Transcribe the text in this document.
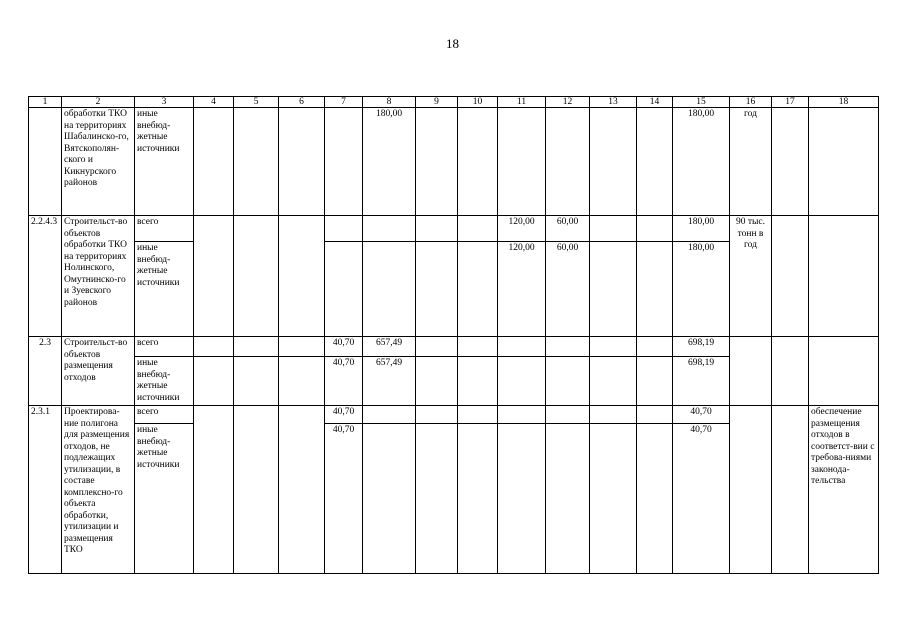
18
1	2	3	4	5	6	7	8	9	10	11	12	13	14	15	16	17	18
	обработки ТКО на территориях Шабалинско-го, Вятскополян-ского и Кикнурского районов	иные внебюд-жетные источники					180,00							180,00	год		
2.2.4.3	Строительст-во объектов обработки ТКО на территориях Нолинского, Омутнинско-го и Зуевского районов	всего								120,00	60,00			180,00	90 тыс. тонн в год		
		иные внебюд-жетные источники								120,00	60,00			180,00			
2.3	Строительст-во объектов размещения отходов	всего				40,70	657,49							698,19			
		иные внебюд-жетные источники				40,70	657,49							698,19			
2.3.1	Проектирова-ние полигона для размещения отходов, не подлежащих утилизации, в составе комплексно-го объекта обработки, утилизации и размещения ТКО	всего				40,70								40,70			обеспечение размещения отходов в соответст-вии с требова-ниями законода-тельства
		иные внебюд-жетные источники				40,70								40,70			
